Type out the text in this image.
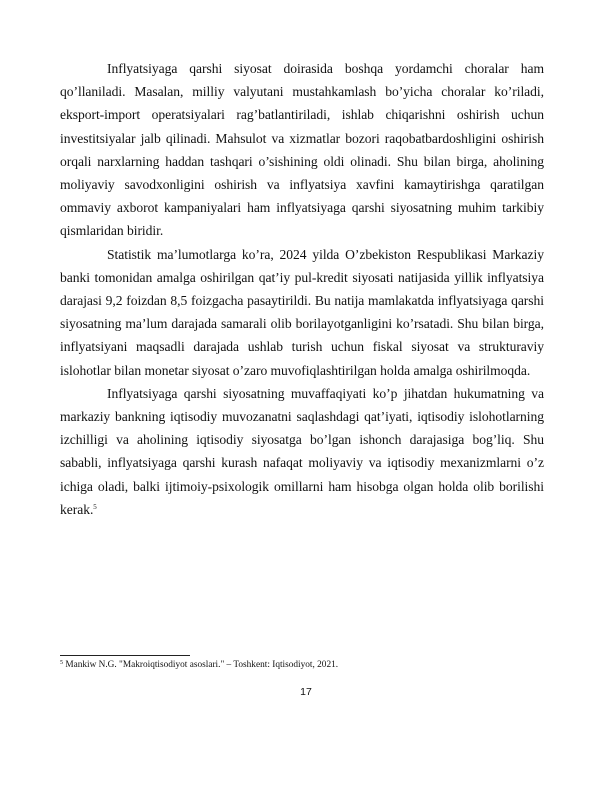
Inflyatsiyaga qarshi siyosat doirasida boshqa yordamchi choralar ham qo’llaniladi. Masalan, milliy valyutani mustahkamlash bo’yicha choralar ko’riladi, eksport-import operatsiyalari rag’batlantiriladi, ishlab chiqarishni oshirish uchun investitsiyalar jalb qilinadi. Mahsulot va xizmatlar bozori raqobatbardoshligini oshirish orqali narxlarning haddan tashqari o’sishining oldi olinadi. Shu bilan birga, aholining moliyaviy savodxonligini oshirish va inflyatsiya xavfini kamaytirishga qaratilgan ommaviy axborot kampaniyalari ham inflyatsiyaga qarshi siyosatning muhim tarkibiy qismlaridan biridir.

Statistik ma’lumotlarga ko’ra, 2024 yilda O’zbekiston Respublikasi Markaziy banki tomonidan amalga oshirilgan qat’iy pul-kredit siyosati natijasida yillik inflyatsiya darajasi 9,2 foizdan 8,5 foizgacha pasaytirildi. Bu natija mamlakatda inflyatsiyaga qarshi siyosatning ma’lum darajada samarali olib borilayotganligini ko’rsatadi. Shu bilan birga, inflyatsiyani maqsadli darajada ushlab turish uchun fiskal siyosat va strukturaviy islohotlar bilan monetar siyosat o’zaro muvofiqlashtirilgan holda amalga oshirilmoqda.

Inflyatsiyaga qarshi siyosatning muvaffaqiyati ko’p jihatdan hukumatning va markaziy bankning iqtisodiy muvozanatni saqlashdagi qat’iyati, iqtisodiy islohotlarning izchilligi va aholining iqtisodiy siyosatga bo’lgan ishonch darajasiga bog’liq. Shu sababli, inflyatsiyaga qarshi kurash nafaqat moliyaviy va iqtisodiy mexanizmlarni o’z ichiga oladi, balki ijtimoiy-psixologik omillarni ham hisobga olgan holda olib borilishi kerak.$^5$

$^5$ Mankiw N.G. "Makroiqtisodiyot asoslari." – Toshkent: Iqtisodiyot, 2021.

17
